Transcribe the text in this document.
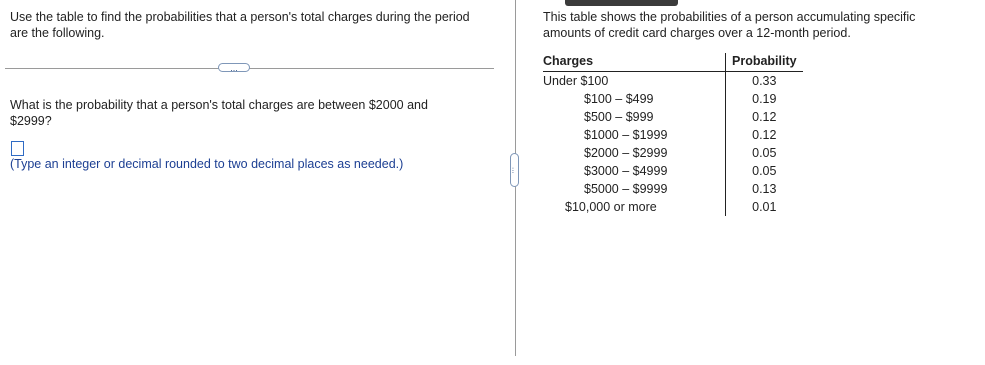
Use the table to find the probabilities that a person's total charges during the period are the following.
...
What is the probability that a person's total charges are between $2000 and $2999?
(Type an integer or decimal rounded to two decimal places as needed.)	...
This table shows the probabilities of a person accumulating specific amounts of credit card charges over a 12-month period.
Charges	Probability
Under $100	0.33
$100 – $499	0.19
$500 – $999	0.12
$1000 – $1999	0.12
$2000 – $2999	0.05
$3000 – $4999	0.05
$5000 – $9999	0.13
$10,000 or more	0.01
